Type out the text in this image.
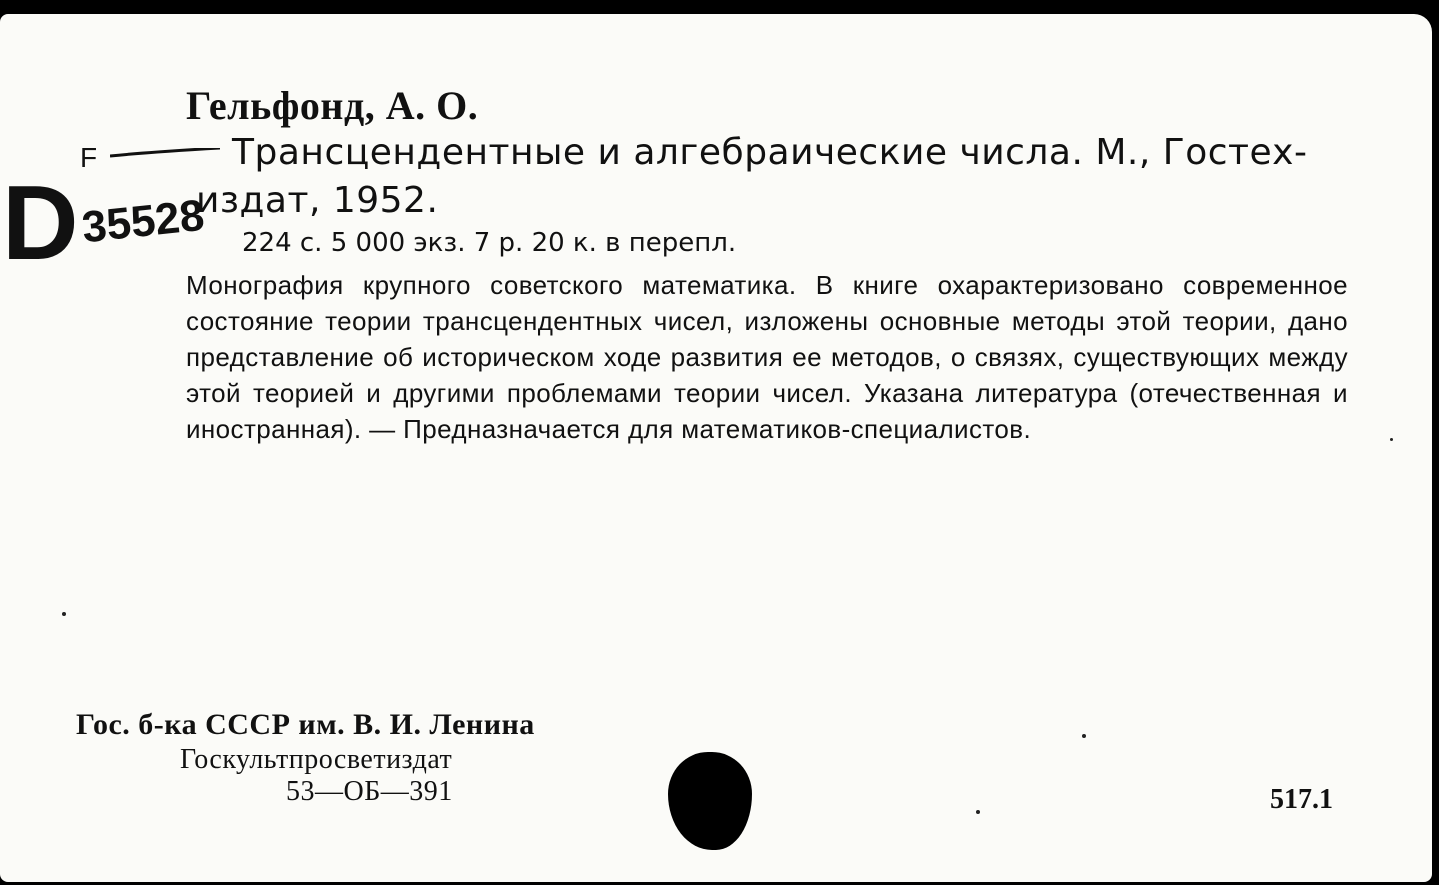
F
D 35528
Гельфонд, А. О.
Трансцендентные и алгебраические числа. М., Гостех-
издат, 1952.
224 с. 5 000 экз. 7 р. 20 к. в перепл.
Монография крупного советского математика. В книге охарактеризовано современное состояние теории трансцендентных чисел, изложены основные методы этой теории, дано представление об историческом ходе развития ее методов, о связях, существующих между этой теорией и другими проблемами теории чисел. Указана литература (отечественная и иностранная). — Предназначается для математиков-специалистов.
Гос. б-ка СССР им. В. И. Ленина
Госкультпросветиздат
53—ОБ—391	517.1
